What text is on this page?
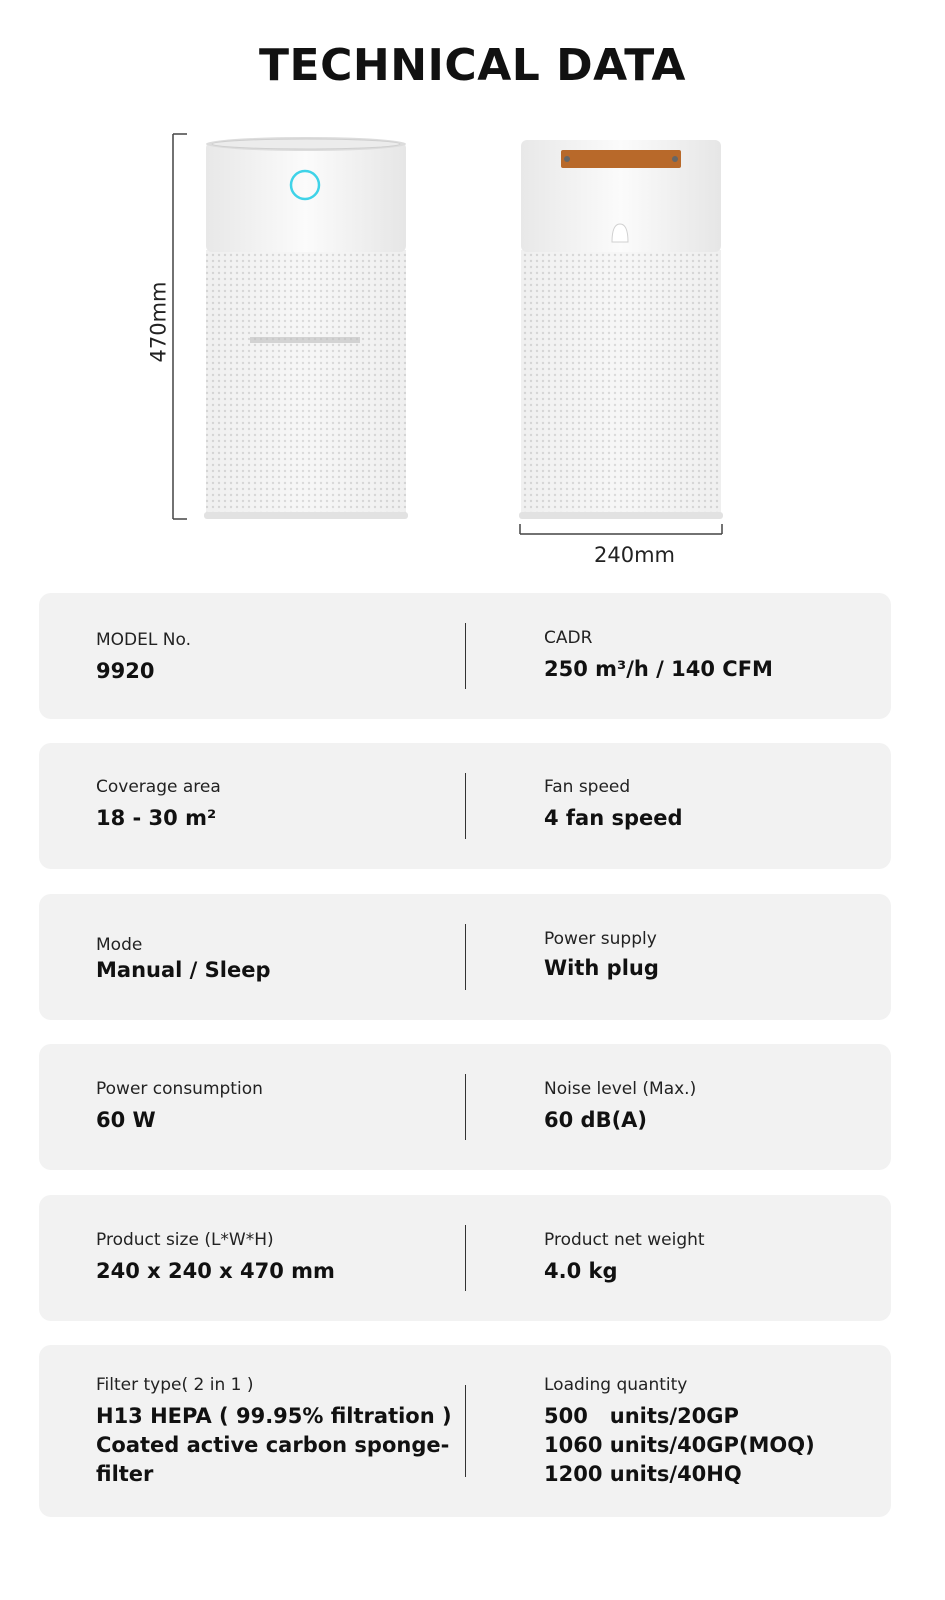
TECHNICAL DATA
470mm
240mm
MODEL No.
9920
CADR
250 m³/h / 140 CFM
Coverage area
18 - 30 m²
Fan speed
4 fan speed
Mode
Manual / Sleep
Power supply
With plug
Power consumption
60 W
Noise level (Max.)
60 dB(A)
Product size (L*W*H)
240 x 240 x 470 mm
Product net weight
4.0 kg
Filter type( 2 in 1 )
H13 HEPA ( 99.95% filtration )
Coated active carbon sponge-
filter
Loading quantity
500   units/20GP
1060 units/40GP(MOQ)
1200 units/40HQ
